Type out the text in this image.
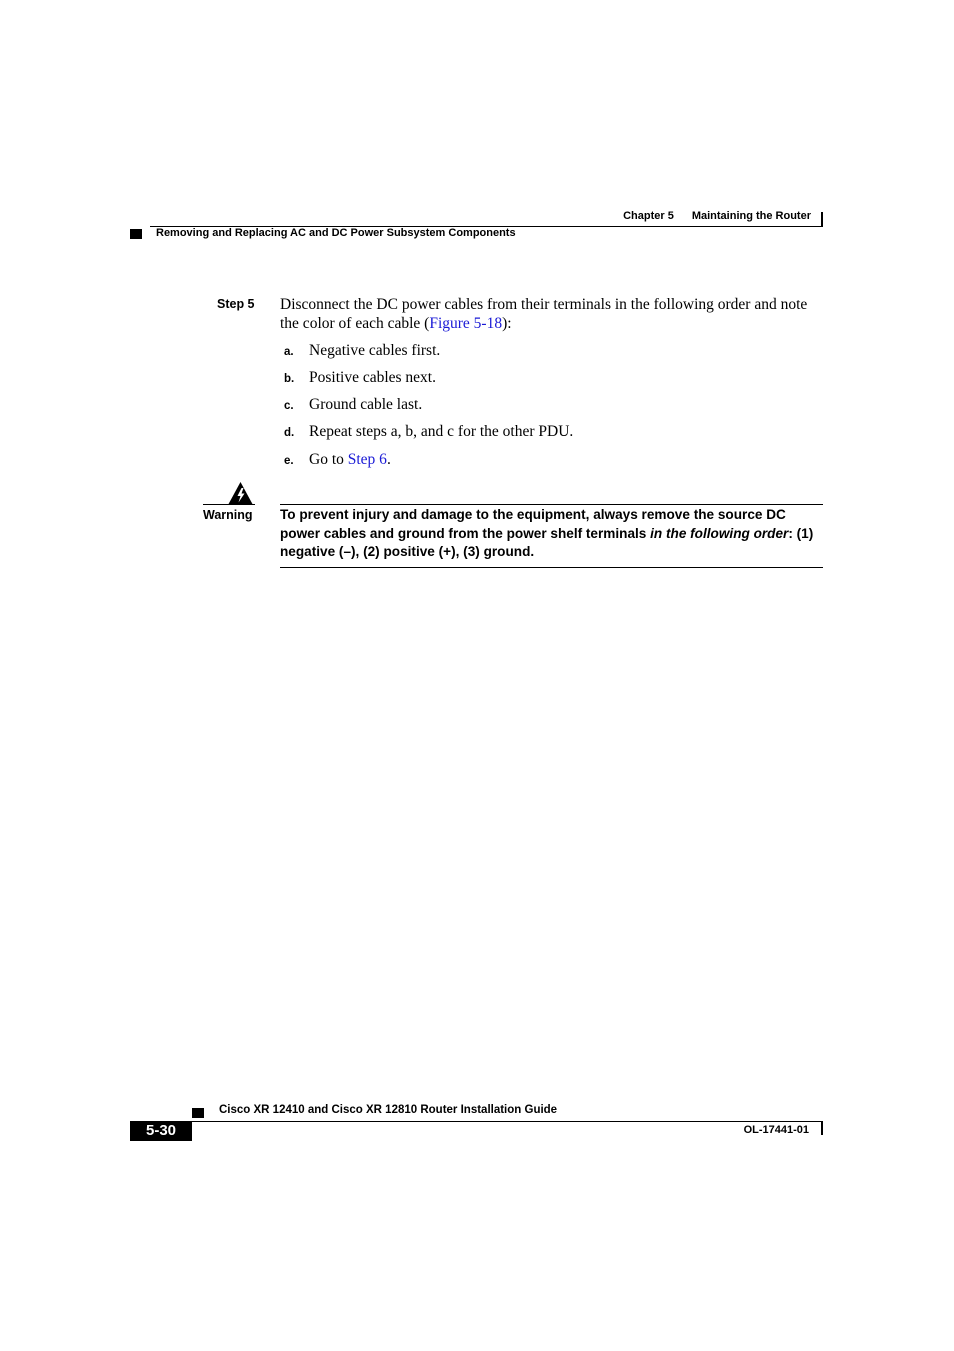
Chapter 5 Maintaining the Router
Removing and Replacing AC and DC Power Subsystem Components
Step 5 Disconnect the DC power cables from their terminals in the following order and note the color of each cable (Figure 5-18):
a. Negative cables first.
b. Positive cables next.
c. Ground cable last.
d. Repeat steps a, b, and c for the other PDU.
e. Go to Step 6.
Warning To prevent injury and damage to the equipment, always remove the source DC power cables and ground from the power shelf terminals in the following order: (1) negative (–), (2) positive (+), (3) ground.
Cisco XR 12410 and Cisco XR 12810 Router Installation Guide
5-30	OL-17441-01
